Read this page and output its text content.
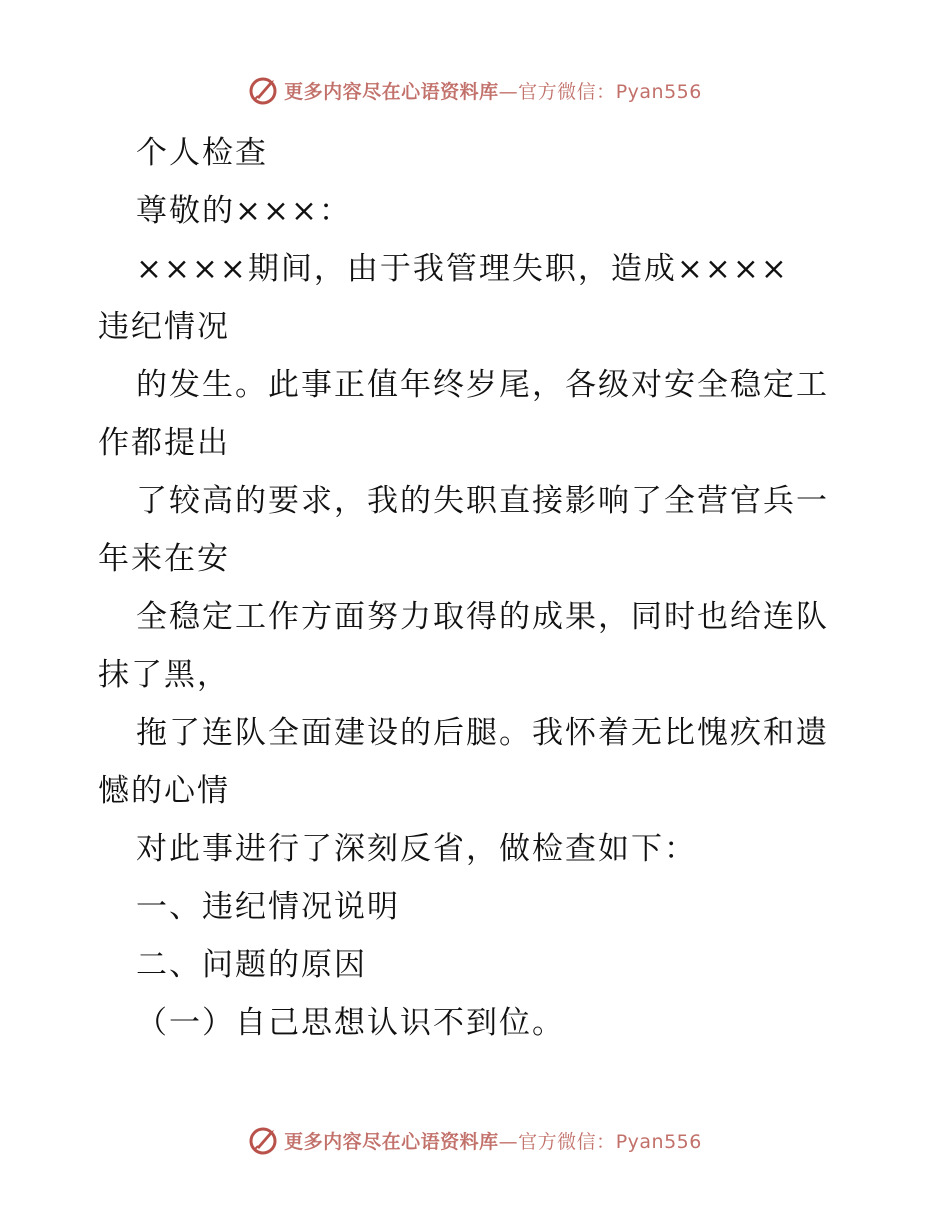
更多内容尽在心语资料库—官方微信：Pyan556
个人检查
尊敬的×××：
××××期间，由于我管理失职，造成××××
违纪情况
的发生。此事正值年终岁尾，各级对安全稳定工
作都提出
了较高的要求，我的失职直接影响了全营官兵一
年来在安
全稳定工作方面努力取得的成果，同时也给连队
抹了黑，
拖了连队全面建设的后腿。我怀着无比愧疚和遗
憾的心情
对此事进行了深刻反省，做检查如下：
一、违纪情况说明
二、问题的原因
（一）自己思想认识不到位。
更多内容尽在心语资料库—官方微信：Pyan556
